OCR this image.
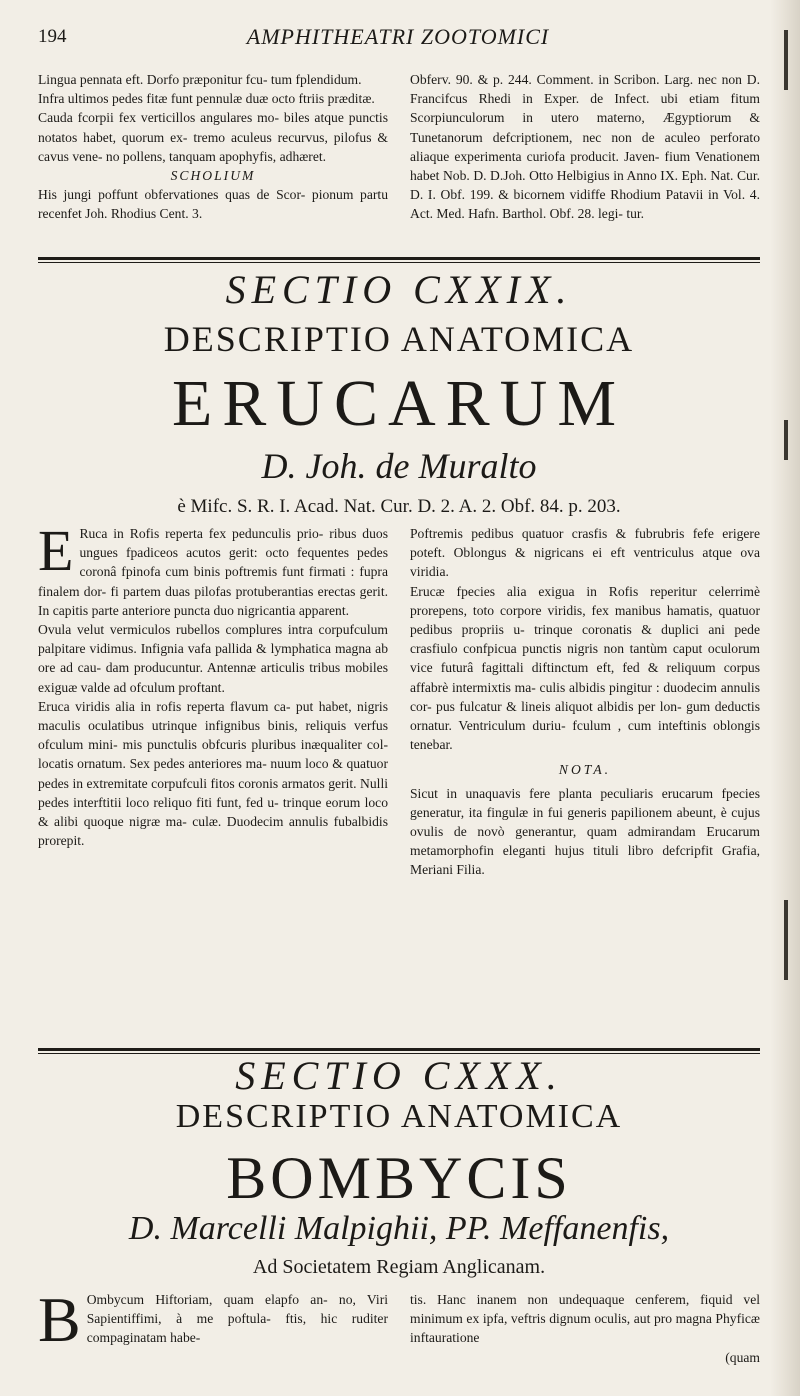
194	AMPHITHEATRI ZOOTOMICI

Lingua pennata eft. Dorfo præponitur fcu- tum fplendidum.

Infra ultimos pedes fitæ funt pennulæ duæ octo ftriis præditæ.

Cauda fcorpii fex verticillos angulares mo- biles atque punctis notatos habet, quorum ex- tremo aculeus recurvus, pilofus & cavus vene- no pollens, tanquam apophyfis, adhæret.

SCHOLIUM

His jungi poffunt obfervationes quas de Scor- pionum partu recenfet Joh. Rhodius Cent. 3.

Obferv. 90. & p. 244. Comment. in Scribon. Larg. nec non D. Francifcus Rhedi in Exper. de Infect. ubi etiam fitum Scorpiunculorum in utero materno, Ægyptiorum & Tunetanorum defcriptionem, nec non de aculeo perforato aliaque experimenta curiofa producit. Javen- fium Venationem habet Nob. D. D.Joh. Otto Helbigius in Anno IX. Eph. Nat. Cur. D. I. Obf. 199. & bicornem vidiffe Rhodium Patavii in Vol. 4. Act. Med. Hafn. Barthol. Obf. 28. legi- tur.

SECTIO CXXIX.
DESCRIPTIO ANATOMICA
ERUCARUM
D. Joh. de Muralto
è Mifc. S. R. I. Acad. Nat. Cur. D. 2. A. 2. Obf. 84. p. 203.

E Ruca in Rofis reperta fex pedunculis prio- ribus duos ungues fpadiceos acutos gerit: octo fequentes pedes coronâ fpinofa cum binis poftremis funt firmati : fupra finalem dor- fi partem duas pilofas protuberantias erectas gerit. In capitis parte anteriore puncta duo nigricantia apparent.

Ovula velut vermiculos rubellos complures intra corpufculum palpitare vidimus. Infignia vafa pallida & lymphatica magna ab ore ad cau- dam producuntur. Antennæ articulis tribus mobiles exiguæ valde ad ofculum proftant.

Eruca viridis alia in rofis reperta flavum ca- put habet, nigris maculis oculatibus utrinque infignibus binis, reliquis verfus ofculum mini- mis punctulis obfcuris pluribus inæqualiter col- locatis ornatum. Sex pedes anteriores ma- nuum loco & quatuor pedes in extremitate corpufculi fitos coronis armatos gerit. Nulli pedes interftitii loco reliquo fiti funt, fed u- trinque eorum loco & alibi quoque nigræ ma- culæ. Duodecim annulis fubalbidis prorepit.

Poftremis pedibus quatuor crasfis & fubrubris fefe erigere poteft. Oblongus & nigricans ei eft ventriculus atque ova viridia.

Erucæ fpecies alia exigua in Rofis reperitur celerrimè prorepens, toto corpore viridis, fex manibus hamatis, quatuor pedibus propriis u- trinque coronatis & duplici ani pede crasfiulo confpicua punctis nigris non tantùm caput oculorum vice futurâ fagittali diftinctum eft, fed & reliquum corpus affabrè intermixtis ma- culis albidis pingitur : duodecim annulis cor- pus fulcatur & lineis aliquot albidis per lon- gum deductis ornatur. Ventriculum duriu- fculum , cum inteftinis oblongis tenebar.

NOTA.

Sicut in unaquavis fere planta peculiaris erucarum fpecies generatur, ita fingulæ in fui generis papilionem abeunt, è cujus ovulis de novò generantur, quam admirandam Erucarum metamorphofin eleganti hujus tituli libro defcripfit Grafia, Meriani Filia.

SECTIO CXXX.
DESCRIPTIO ANATOMICA
BOMBYCIS
D. Marcelli Malpighii, PP. Meffanenfis,
Ad Societatem Regiam Anglicanam.

B Ombycum Hiftoriam, quam elapfo an- no, Viri Sapientiffimi, à me poftula- ftis, hic ruditer compaginatam habe-

tis. Hanc inanem non undequaque cenferem, fiquid vel minimum ex ipfa, veftris dignum oculis, aut pro magna Phyficæ inftauratione

(quam
